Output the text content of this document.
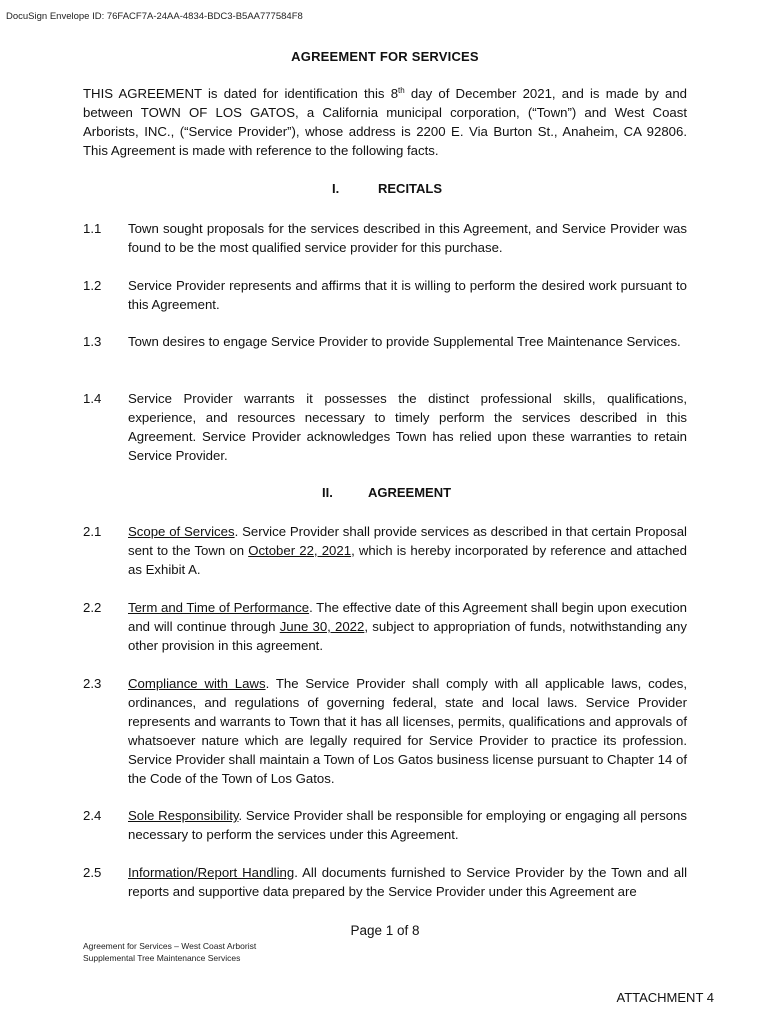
DocuSign Envelope ID: 76FACF7A-24AA-4834-BDC3-B5AA777584F8
AGREEMENT FOR SERVICES

THIS AGREEMENT is dated for identification this 8th day of December 2021, and is made by and between TOWN OF LOS GATOS, a California municipal corporation, (“Town”) and West Coast Arborists, INC., (“Service Provider”), whose address is 2200 E. Via Burton St., Anaheim, CA 92806. This Agreement is made with reference to the following facts.

I.	RECITALS
1.1 Town sought proposals for the services described in this Agreement, and Service Provider was found to be the most qualified service provider for this purchase.

1.2 Service Provider represents and affirms that it is willing to perform the desired work pursuant to this Agreement.

1.3 Town desires to engage Service Provider to provide Supplemental Tree Maintenance Services.

1.4 Service Provider warrants it possesses the distinct professional skills, qualifications, experience, and resources necessary to timely perform the services described in this Agreement. Service Provider acknowledges Town has relied upon these warranties to retain Service Provider.

II.	AGREEMENT
2.1 Scope of Services. Service Provider shall provide services as described in that certain Proposal sent to the Town on October 22, 2021, which is hereby incorporated by reference and attached as Exhibit A.

2.2 Term and Time of Performance. The effective date of this Agreement shall begin upon execution and will continue through June 30, 2022, subject to appropriation of funds, notwithstanding any other provision in this agreement.

2.3 Compliance with Laws. The Service Provider shall comply with all applicable laws, codes, ordinances, and regulations of governing federal, state and local laws. Service Provider represents and warrants to Town that it has all licenses, permits, qualifications and approvals of whatsoever nature which are legally required for Service Provider to practice its profession. Service Provider shall maintain a Town of Los Gatos business license pursuant to Chapter 14 of the Code of the Town of Los Gatos.

2.4 Sole Responsibility. Service Provider shall be responsible for employing or engaging all persons necessary to perform the services under this Agreement.

2.5 Information/Report Handling. All documents furnished to Service Provider by the Town and all reports and supportive data prepared by the Service Provider under this Agreement are

Page 1 of 8
Agreement for Services – West Coast Arborist
Supplemental Tree Maintenance Services
ATTACHMENT 4
